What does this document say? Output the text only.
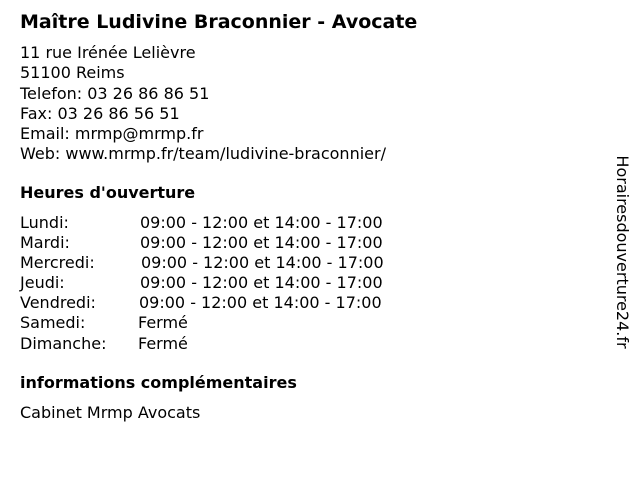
Maître Ludivine Braconnier - Avocate
11 rue Irénée Lelièvre
51100 Reims
Telefon: 03 26 86 86 51
Fax: 03 26 86 56 51
Email: mrmp@mrmp.fr
Web: www.mrmp.fr/team/ludivine-braconnier/
Heures d'ouverture
Lundi:	09:00 - 12:00 et 14:00 - 17:00
Mardi:	09:00 - 12:00 et 14:00 - 17:00
Mercredi:	09:00 - 12:00 et 14:00 - 17:00
Jeudi:	09:00 - 12:00 et 14:00 - 17:00
Vendredi:	09:00 - 12:00 et 14:00 - 17:00
Samedi:	Fermé
Dimanche: Fermé
informations complémentaires
Cabinet Mrmp Avocats
Horairesdouverture24.fr
